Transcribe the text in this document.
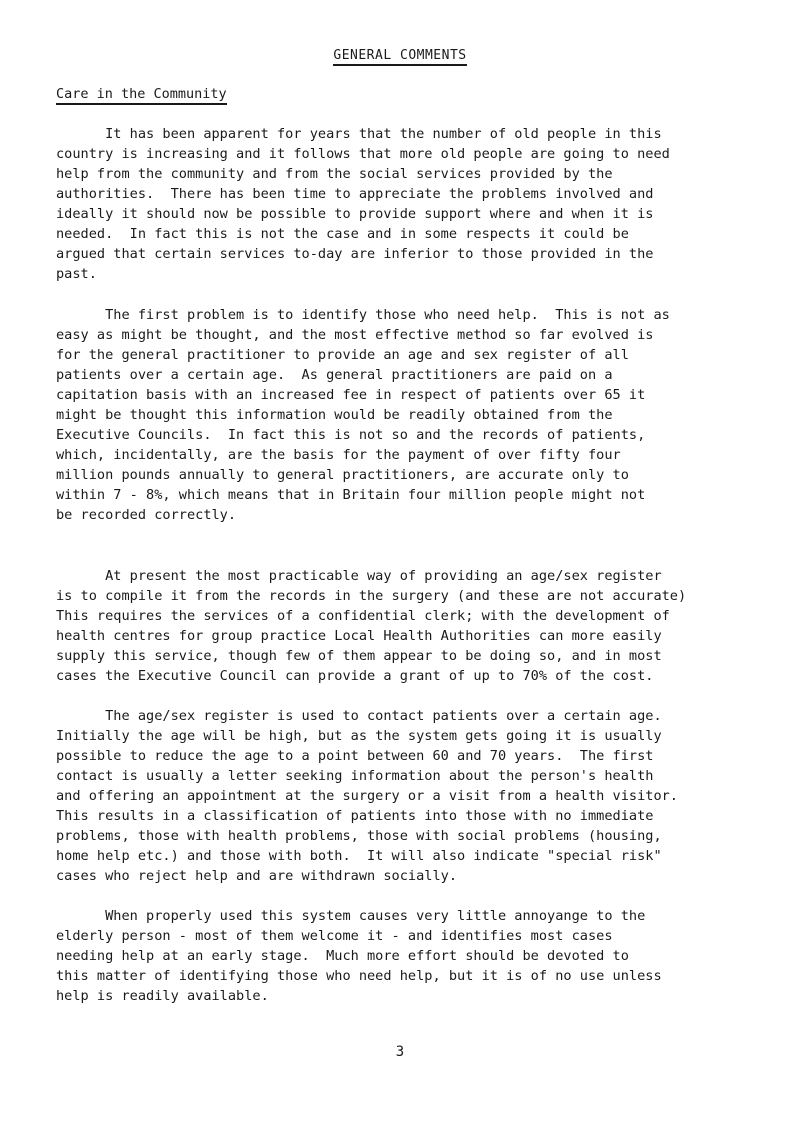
GENERAL COMMENTS
Care in the Community
It has been apparent for years that the number of old people in this
country is increasing and it follows that more old people are going to need
help from the community and from the social services provided by the
authorities.  There has been time to appreciate the problems involved and
ideally it should now be possible to provide support where and when it is
needed.  In fact this is not the case and in some respects it could be
argued that certain services to-day are inferior to those provided in the
past.
The first problem is to identify those who need help.  This is not as
easy as might be thought, and the most effective method so far evolved is
for the general practitioner to provide an age and sex register of all
patients over a certain age.  As general practitioners are paid on a
capitation basis with an increased fee in respect of patients over 65 it
might be thought this information would be readily obtained from the
Executive Councils.  In fact this is not so and the records of patients,
which, incidentally, are the basis for the payment of over fifty four
million pounds annually to general practitioners, are accurate only to
within 7 - 8%, which means that in Britain four million people might not
be recorded correctly.
At present the most practicable way of providing an age/sex register
is to compile it from the records in the surgery (and these are not accurate)
This requires the services of a confidential clerk; with the development of
health centres for group practice Local Health Authorities can more easily
supply this service, though few of them appear to be doing so, and in most
cases the Executive Council can provide a grant of up to 70% of the cost.
The age/sex register is used to contact patients over a certain age.
Initially the age will be high, but as the system gets going it is usually
possible to reduce the age to a point between 60 and 70 years.  The first
contact is usually a letter seeking information about the person's health
and offering an appointment at the surgery or a visit from a health visitor.
This results in a classification of patients into those with no immediate
problems, those with health problems, those with social problems (housing,
home help etc.) and those with both.  It will also indicate "special risk"
cases who reject help and are withdrawn socially.
When properly used this system causes very little annoyange to the
elderly person - most of them welcome it - and identifies most cases
needing help at an early stage.  Much more effort should be devoted to
this matter of identifying those who need help, but it is of no use unless
help is readily available.
3
